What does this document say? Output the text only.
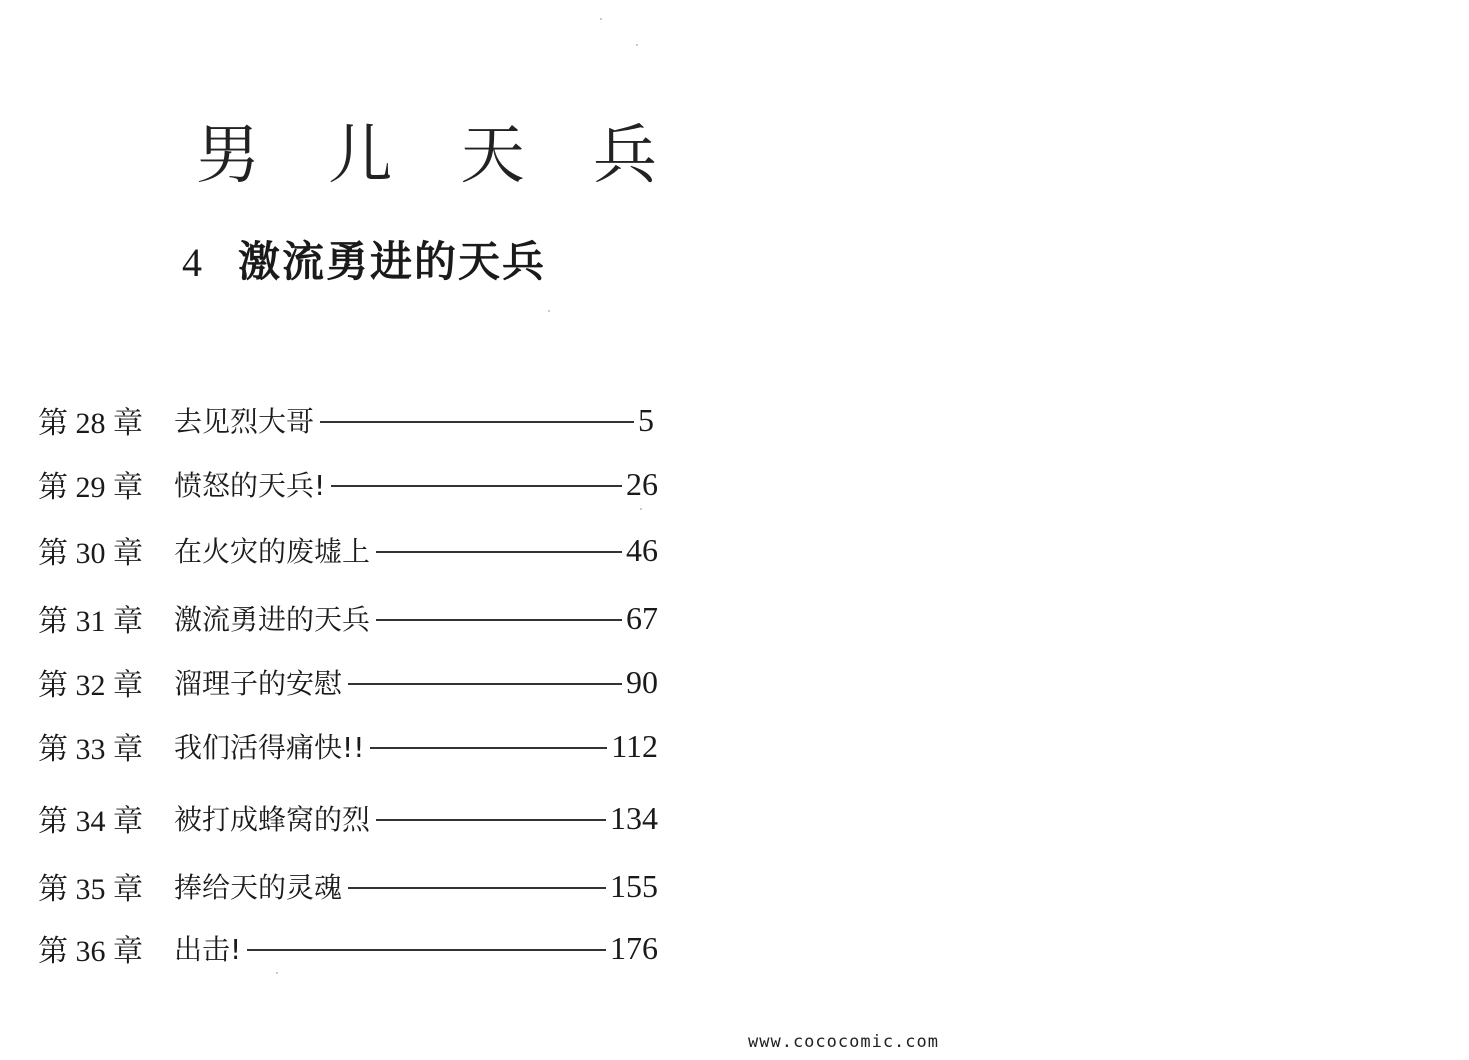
男 儿 天 兵
4 激流勇进的天兵
第 28 章	去见烈大哥	5
第 29 章	愤怒的天兵!	26
第 30 章	在火灾的废墟上	46
第 31 章	激流勇进的天兵	67
第 32 章	溜理子的安慰	90
第 33 章	我们活得痛快!!	112
第 34 章	被打成蜂窝的烈	134
第 35 章	捧给天的灵魂	155
第 36 章	出击!	176
www.cococomic.com
